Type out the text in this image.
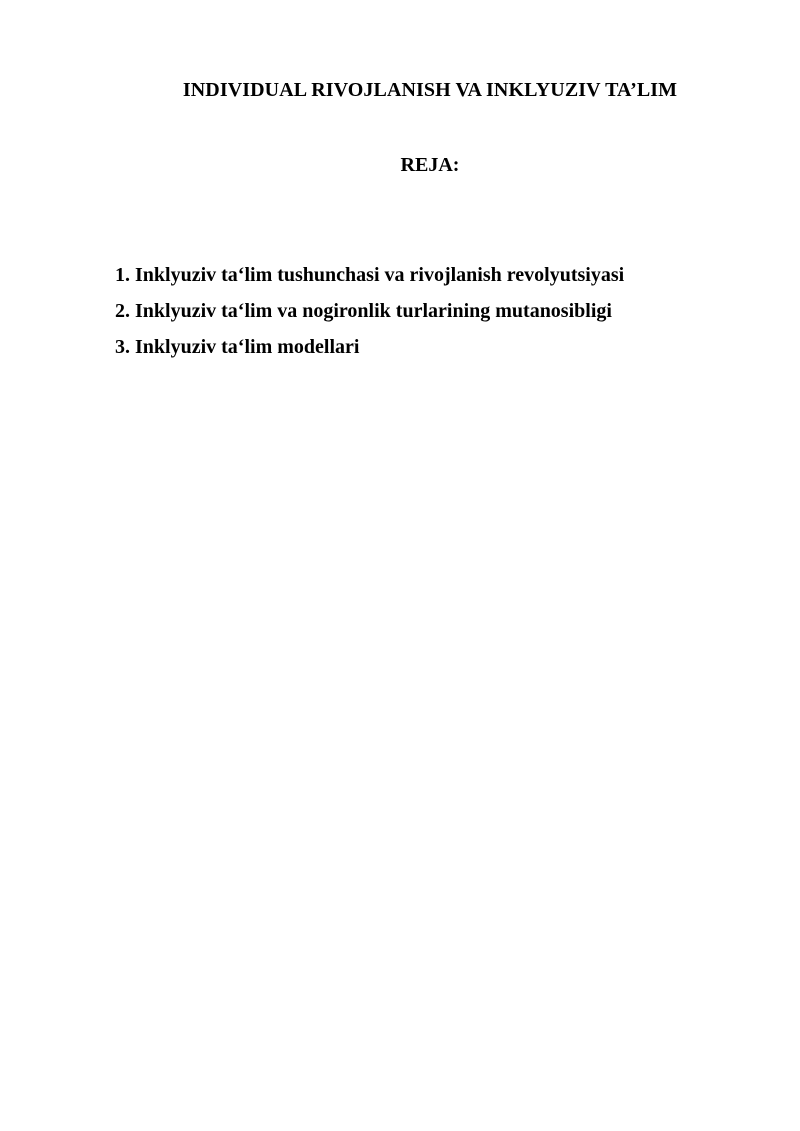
INDIVIDUAL RIVOJLANISH VA INKLYUZIV TA’LIM
REJA:
1. Inklyuziv ta‘lim tushunchasi va rivojlanish revolyutsiyasi
2. Inklyuziv ta‘lim va nogironlik turlarining mutanosibligi
3. Inklyuziv ta‘lim modellari
